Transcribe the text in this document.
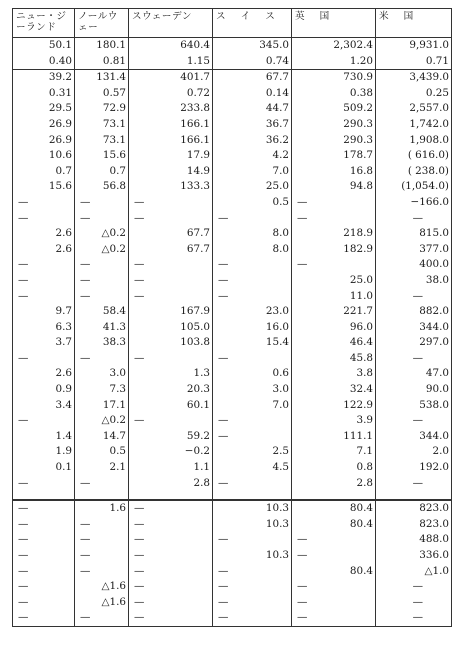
ニュー・ジーランド	ノールウェー	スウェーデン	ス イ ス	英 国	米 国
50.1	180.1	640.4	345.0	2,302.4	9,931.0
0.40	0.81	1.15	0.74	1.20	0.71
39.2	131.4	401.7	67.7	730.9	3,439.0
0.31	0.57	0.72	0.14	0.38	0.25
29.5	72.9	233.8	44.7	509.2	2,557.0
26.9	73.1	166.1	36.7	290.3	1,742.0
26.9	73.1	166.1	36.2	290.3	1,908.0
10.6	15.6	17.9	4.2	178.7	( 616.0)
0.7	0.7	14.9	7.0	16.8	( 238.0)
15.6	56.8	133.3	25.0	94.8	(1,054.0)
—	—	—	0.5	—	−166.0
—	—	—	—	—	—
2.6	△0.2	67.7	8.0	218.9	815.0
2.6	△0.2	67.7	8.0	182.9	377.0
—	—	—	—	—	400.0
—	—	—	—	25.0	38.0
—	—	—	—	11.0	—
9.7	58.4	167.9	23.0	221.7	882.0
6.3	41.3	105.0	16.0	96.0	344.0
3.7	38.3	103.8	15.4	46.4	297.0
—	—	—	—	45.8	—
2.6	3.0	1.3	0.6	3.8	47.0
0.9	7.3	20.3	3.0	32.4	90.0
3.4	17.1	60.1	7.0	122.9	538.0
—	△0.2	—	—	3.9	—
1.4	14.7	59.2	—	111.1	344.0
1.9	0.5	−0.2	2.5	7.1	2.0
0.1	2.1	1.1	4.5	0.8	192.0
—	—	2.8	—	2.8	—

—	1.6	—	10.3	80.4	823.0
—	—	—	10.3	80.4	823.0
—	—	—	—	—	488.0
—	—	—	10.3	—	336.0
—	—	—	—	80.4	△1.0
—	△1.6	—	—	—	—
—	△1.6	—	—	—	—
—	—	—	—	—	—
